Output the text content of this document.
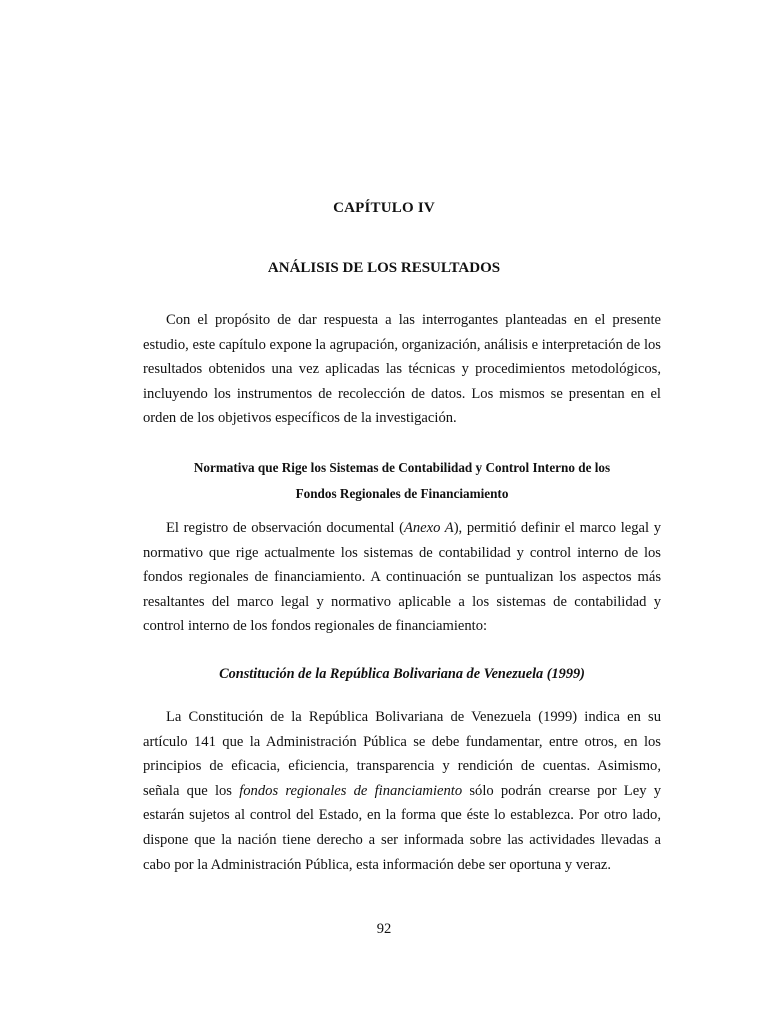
CAPÍTULO IV
ANÁLISIS DE LOS RESULTADOS

Con el propósito de dar respuesta a las interrogantes planteadas en el presente estudio, este capítulo expone la agrupación, organización, análisis e interpretación de los resultados obtenidos una vez aplicadas las técnicas y procedimientos metodológicos, incluyendo los instrumentos de recolección de datos. Los mismos se presentan en el orden de los objetivos específicos de la investigación.

Normativa que Rige los Sistemas de Contabilidad y Control Interno de los
Fondos Regionales de Financiamiento

El registro de observación documental (Anexo A), permitió definir el marco legal y normativo que rige actualmente los sistemas de contabilidad y control interno de los fondos regionales de financiamiento. A continuación se puntualizan los aspectos más resaltantes del marco legal y normativo aplicable a los sistemas de contabilidad y control interno de los fondos regionales de financiamiento:

Constitución de la República Bolivariana de Venezuela (1999)

La Constitución de la República Bolivariana de Venezuela (1999) indica en su artículo 141 que la Administración Pública se debe fundamentar, entre otros, en los principios de eficacia, eficiencia, transparencia y rendición de cuentas. Asimismo, señala que los fondos regionales de financiamiento sólo podrán crearse por Ley y estarán sujetos al control del Estado, en la forma que éste lo establezca. Por otro lado, dispone que la nación tiene derecho a ser informada sobre las actividades llevadas a cabo por la Administración Pública, esta información debe ser oportuna y veraz.

92
